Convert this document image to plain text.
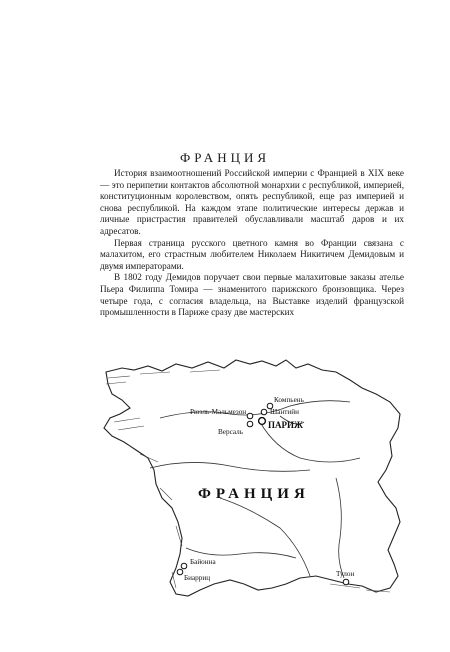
ФРАНЦИЯ

История взаимоотношений Российской империи с Францией в XIX веке — это перипетии контактов абсолютной монархии с республикой, империей, конституционным королевством, опять республикой, еще раз империей и снова республикой. На каждом этапе политические интересы держав и личные пристрастия правителей обуславливали масштаб даров и их адресатов.

Первая страница русского цветного камня во Франции связана с малахитом, его страстным любителем Николаем Никитичем Демидовым и двумя императорами.

В 1802 году Демидов поручает свои первые малахитовые заказы ателье Пьера Филиппа Томира — знаменитого парижского бронзовщика. Через четыре года, с согласия владельца, на Выставке изделий французской промышленности в Париже сразу две мастерских

Компьень
Рюэль-Мальмезон	Шантийи
Версаль
ПАРИЖ
ФРАНЦИЯ
Байонна
Биарриц	Тулон
